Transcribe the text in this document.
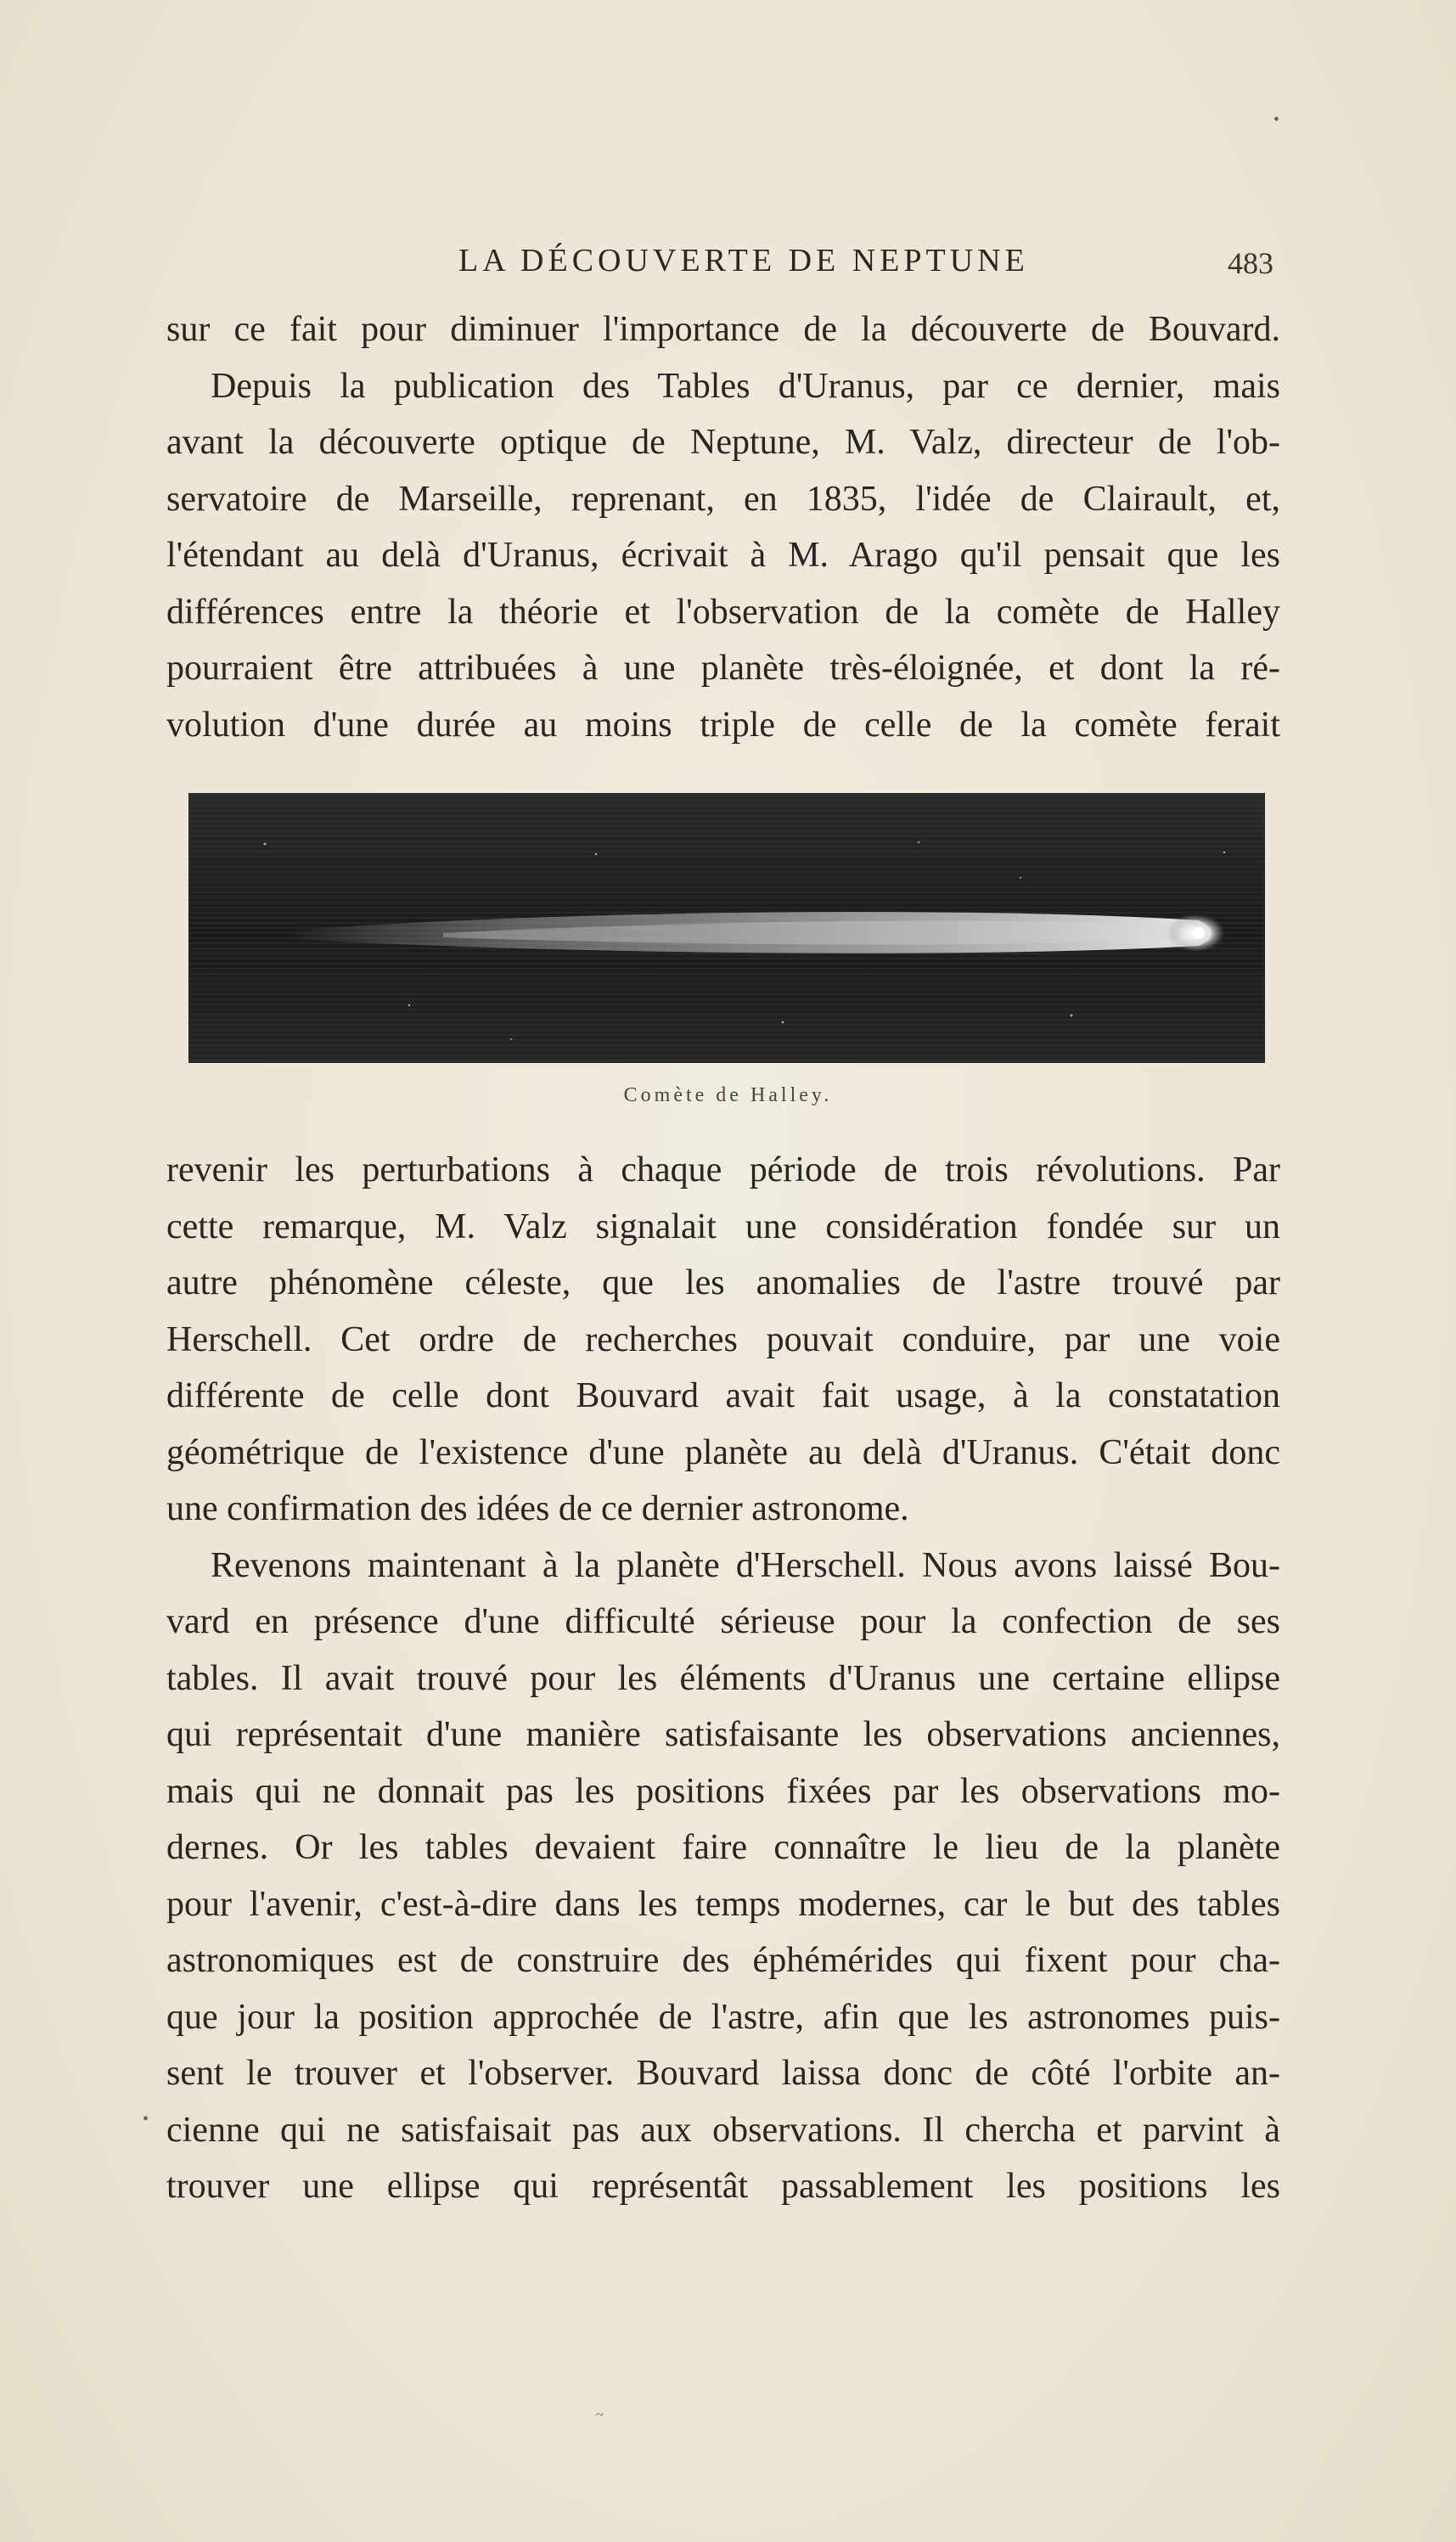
•
•
~
LA DÉCOUVERTE DE NEPTUNE	483
sur ce fait pour diminuer l'importance de la découverte de Bouvard.
Depuis la publication des Tables d'Uranus, par ce dernier, mais
avant la découverte optique de Neptune, M. Valz, directeur de l'ob-
servatoire de Marseille, reprenant, en 1835, l'idée de Clairault, et,
l'étendant au delà d'Uranus, écrivait à M. Arago qu'il pensait que les
différences entre la théorie et l'observation de la comète de Halley
pourraient être attribuées à une planète très-éloignée, et dont la ré-
volution d'une durée au moins triple de celle de la comète ferait
Comète de Halley.
revenir les perturbations à chaque période de trois révolutions. Par
cette remarque, M. Valz signalait une considération fondée sur un
autre phénomène céleste, que les anomalies de l'astre trouvé par
Herschell. Cet ordre de recherches pouvait conduire, par une voie
différente de celle dont Bouvard avait fait usage, à la constatation
géométrique de l'existence d'une planète au delà d'Uranus. C'était donc
une confirmation des idées de ce dernier astronome.
Revenons maintenant à la planète d'Herschell. Nous avons laissé Bou-
vard en présence d'une difficulté sérieuse pour la confection de ses
tables. Il avait trouvé pour les éléments d'Uranus une certaine ellipse
qui représentait d'une manière satisfaisante les observations anciennes,
mais qui ne donnait pas les positions fixées par les observations mo-
dernes. Or les tables devaient faire connaître le lieu de la planète
pour l'avenir, c'est-à-dire dans les temps modernes, car le but des tables
astronomiques est de construire des éphémérides qui fixent pour cha-
que jour la position approchée de l'astre, afin que les astronomes puis-
sent le trouver et l'observer. Bouvard laissa donc de côté l'orbite an-
cienne qui ne satisfaisait pas aux observations. Il chercha et parvint à
trouver une ellipse qui représentât passablement les positions les
